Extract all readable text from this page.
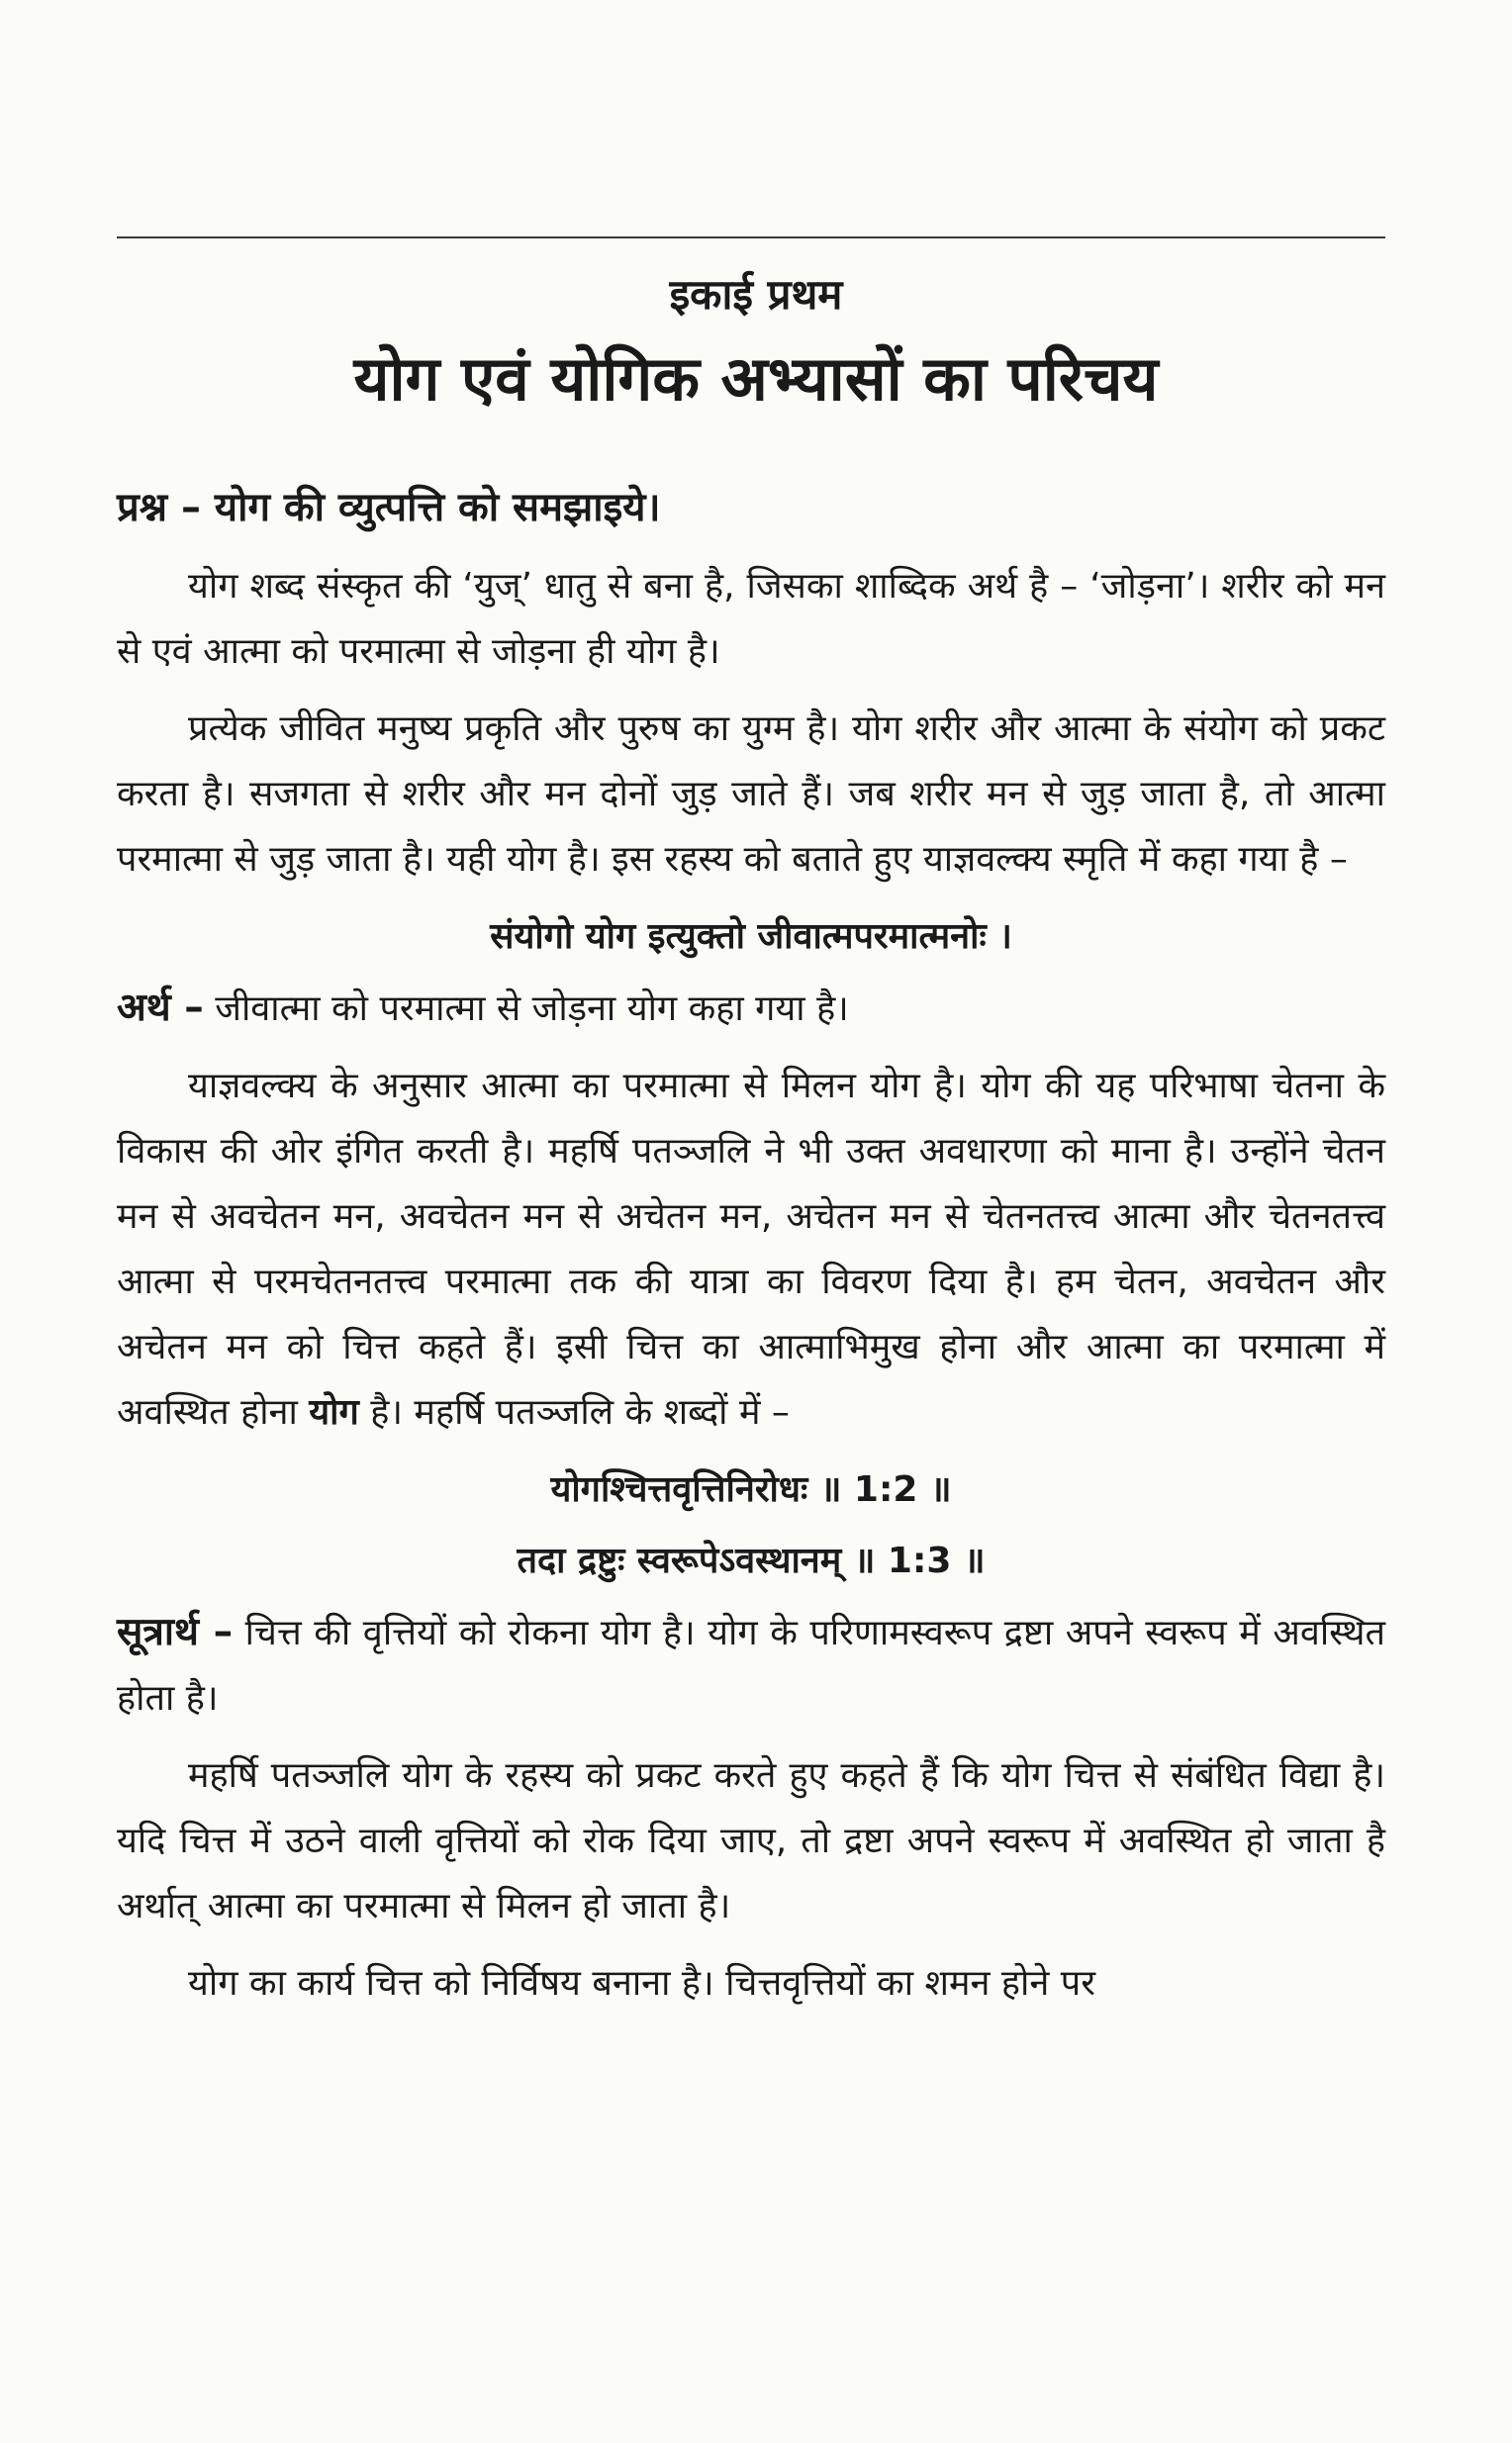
इकाई प्रथम
योग एवं योगिक अभ्यासों का परिचय
प्रश्न – योग की व्युत्पत्ति को समझाइये।

योग शब्द संस्कृत की ‘युज्’ धातु से बना है, जिसका शाब्दिक अर्थ है – ‘जोड़ना’। शरीर को मन से एवं आत्मा को परमात्मा से जोड़ना ही योग है।

प्रत्येक जीवित मनुष्य प्रकृति और पुरुष का युग्म है। योग शरीर और आत्मा के संयोग को प्रकट करता है। सजगता से शरीर और मन दोनों जुड़ जाते हैं। जब शरीर मन से जुड़ जाता है, तो आत्मा परमात्मा से जुड़ जाता है। यही योग है। इस रहस्य को बताते हुए याज्ञवल्क्य स्मृति में कहा गया है –

संयोगो योग इत्युक्तो जीवात्मपरमात्मनोः ।

अर्थ – जीवात्मा को परमात्मा से जोड़ना योग कहा गया है।

याज्ञवल्क्य के अनुसार आत्मा का परमात्मा से मिलन योग है। योग की यह परिभाषा चेतना के विकास की ओर इंगित करती है। महर्षि पतञ्जलि ने भी उक्त अवधारणा को माना है। उन्होंने चेतन मन से अवचेतन मन, अवचेतन मन से अचेतन मन, अचेतन मन से चेतनतत्त्व आत्मा और चेतनतत्त्व आत्मा से परमचेतनतत्त्व परमात्मा तक की यात्रा का विवरण दिया है। हम चेतन, अवचेतन और अचेतन मन को चित्त कहते हैं। इसी चित्त का आत्माभिमुख होना और आत्मा का परमात्मा में अवस्थित होना योग है। महर्षि पतञ्जलि के शब्दों में –

योगश्चित्तवृत्तिनिरोधः ॥ 1:2 ॥
तदा द्रष्टुः स्वरूपेऽवस्थानम् ॥ 1:3 ॥

सूत्रार्थ – चित्त की वृत्तियों को रोकना योग है। योग के परिणामस्वरूप द्रष्टा अपने स्वरूप में अवस्थित होता है।

महर्षि पतञ्जलि योग के रहस्य को प्रकट करते हुए कहते हैं कि योग चित्त से संबंधित विद्या है। यदि चित्त में उठने वाली वृत्तियों को रोक दिया जाए, तो द्रष्टा अपने स्वरूप में अवस्थित हो जाता है अर्थात् आत्मा का परमात्मा से मिलन हो जाता है।

योग का कार्य चित्त को निर्विषय बनाना है। चित्तवृत्तियों का शमन होने पर
